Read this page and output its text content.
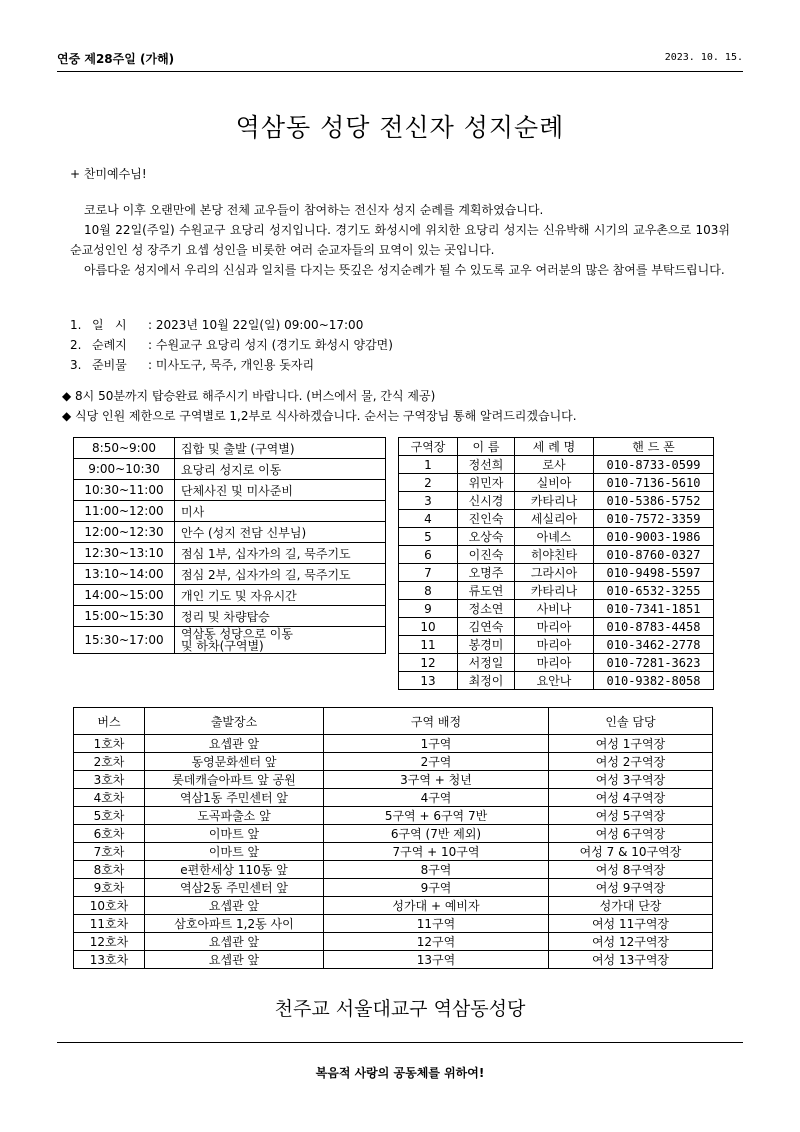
연중 제28주일 (가해)	2023. 10. 15.
역삼동 성당 전신자 성지순례
+ 찬미예수님!
코로나 이후 오랜만에 본당 전체 교우들이 참여하는 전신자 성지 순례를 계획하였습니다.
10월 22일(주일) 수원교구 요당리 성지입니다. 경기도 화성시에 위치한 요당리 성지는 신유박해 시기의 교우촌으로 103위 순교성인인 성 장주기 요셉 성인을 비롯한 여러 순교자들의 묘역이 있는 곳입니다.
아름다운 성지에서 우리의 신심과 일치를 다지는 뜻깊은 성지순례가 될 수 있도록 교우 여러분의 많은 참여를 부탁드립니다.
1. 일   시	: 2023년 10월 22일(일) 09:00~17:00
2. 순례지	: 수원교구 요당리 성지 (경기도 화성시 양감면)
3. 준비물	: 미사도구, 묵주, 개인용 돗자리
◆ 8시 50분까지 탑승완료 해주시기 바랍니다. (버스에서 물, 간식 제공)
◆ 식당 인원 제한으로 구역별로 1,2부로 식사하겠습니다. 순서는 구역장님 통해 알려드리겠습니다.
8:50~9:00	집합 및 출발 (구역별)
9:00~10:30	요당리 성지로 이동
10:30~11:00	단체사진 및 미사준비
11:00~12:00	미사
12:00~12:30	안수 (성지 전담 신부님)
12:30~13:10	점심 1부, 십자가의 길, 묵주기도
13:10~14:00	점심 2부, 십자가의 길, 묵주기도
14:00~15:00	개인 기도 및 자유시간
15:00~15:30	정리 및 차량탑승
15:30~17:00	역삼동 성당으로 이동
및 하차(구역별)
구역장	이 름	세 례 명	핸 드 폰
1	정선희	로사	010-8733-0599
2	위민자	실비아	010-7136-5610
3	신시경	카타리나	010-5386-5752
4	진인숙	세실리아	010-7572-3359
5	오상숙	아녜스	010-9003-1986
6	이진숙	히야친타	010-8760-0327
7	오명주	그라시아	010-9498-5597
8	류도연	카타리나	010-6532-3255
9	정소연	사비나	010-7341-1851
10	김연숙	마리아	010-8783-4458
11	봉경미	마리아	010-3462-2778
12	서정일	마리아	010-7281-3623
13	최정이	요안나	010-9382-8058
버스	출발장소	구역 배정	인솔 담당
1호차	요셉관 앞	1구역	여성 1구역장
2호차	동영문화센터 앞	2구역	여성 2구역장
3호차	롯데캐슬아파트 앞 공원	3구역 + 청년	여성 3구역장
4호차	역삼1동 주민센터 앞	4구역	여성 4구역장
5호차	도곡파출소 앞	5구역 + 6구역 7반	여성 5구역장
6호차	이마트 앞	6구역 (7반 제외)	여성 6구역장
7호차	이마트 앞	7구역 + 10구역	여성 7 & 10구역장
8호차	e편한세상 110동 앞	8구역	여성 8구역장
9호차	역삼2동 주민센터 앞	9구역	여성 9구역장
10호차	요셉관 앞	성가대 + 예비자	성가대 단장
11호차	삼호아파트 1,2동 사이	11구역	여성 11구역장
12호차	요셉관 앞	12구역	여성 12구역장
13호차	요셉관 앞	13구역	여성 13구역장
천주교 서울대교구 역삼동성당
복음적 사랑의 공동체를 위하여!
